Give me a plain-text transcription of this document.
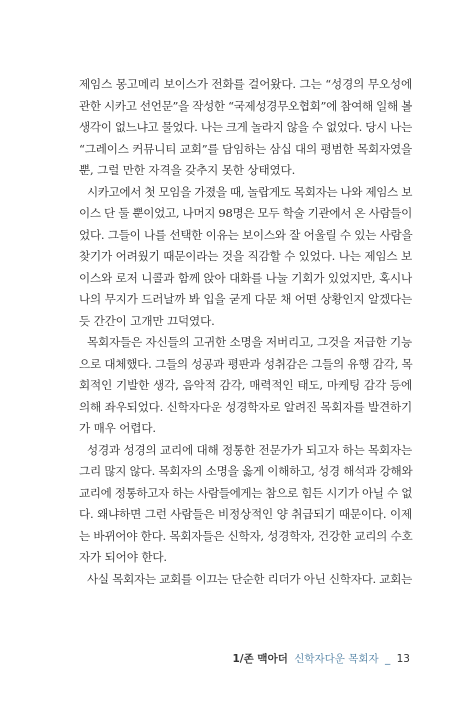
제임스 몽고메리 보이스가 전화를 걸어왔다. 그는 “성경의 무오성에
관한 시카고 선언문”을 작성한 “국제성경무오협회”에 참여해 일해 볼
생각이 없느냐고 물었다. 나는 크게 놀라지 않을 수 없었다. 당시 나는
“그레이스 커뮤니티 교회”를 담임하는 삼십 대의 평범한 목회자였을
뿐, 그럴 만한 자격을 갖추지 못한 상태였다.
시카고에서 첫 모임을 가졌을 때, 놀랍게도 목회자는 나와 제임스 보
이스 단 둘 뿐이었고, 나머지 98명은 모두 학술 기관에서 온 사람들이
었다. 그들이 나를 선택한 이유는 보이스와 잘 어울릴 수 있는 사람을
찾기가 어려웠기 때문이라는 것을 직감할 수 있었다. 나는 제임스 보
이스와 로저 니콜과 함께 앉아 대화를 나눌 기회가 있었지만, 혹시나
나의 무지가 드러날까 봐 입을 굳게 다문 채 어떤 상황인지 알겠다는
듯 간간이 고개만 끄덕였다.
목회자들은 자신들의 고귀한 소명을 저버리고, 그것을 저급한 기능
으로 대체했다. 그들의 성공과 평판과 성취감은 그들의 유행 감각, 목
회적인 기발한 생각, 음악적 감각, 매력적인 태도, 마케팅 감각 등에
의해 좌우되었다. 신학자다운 성경학자로 알려진 목회자를 발견하기
가 매우 어렵다.
성경과 성경의 교리에 대해 정통한 전문가가 되고자 하는 목회자는
그리 많지 않다. 목회자의 소명을 옳게 이해하고, 성경 해석과 강해와
교리에 정통하고자 하는 사람들에게는 참으로 힘든 시기가 아닐 수 없
다. 왜냐하면 그런 사람들은 비정상적인 양 취급되기 때문이다. 이제
는 바뀌어야 한다. 목회자들은 신학자, 성경학자, 건강한 교리의 수호
자가 되어야 한다.
사실 목회자는 교회를 이끄는 단순한 리더가 아닌 신학자다. 교회는
1/존 맥아더 신학자다운 목회자 _ 13
